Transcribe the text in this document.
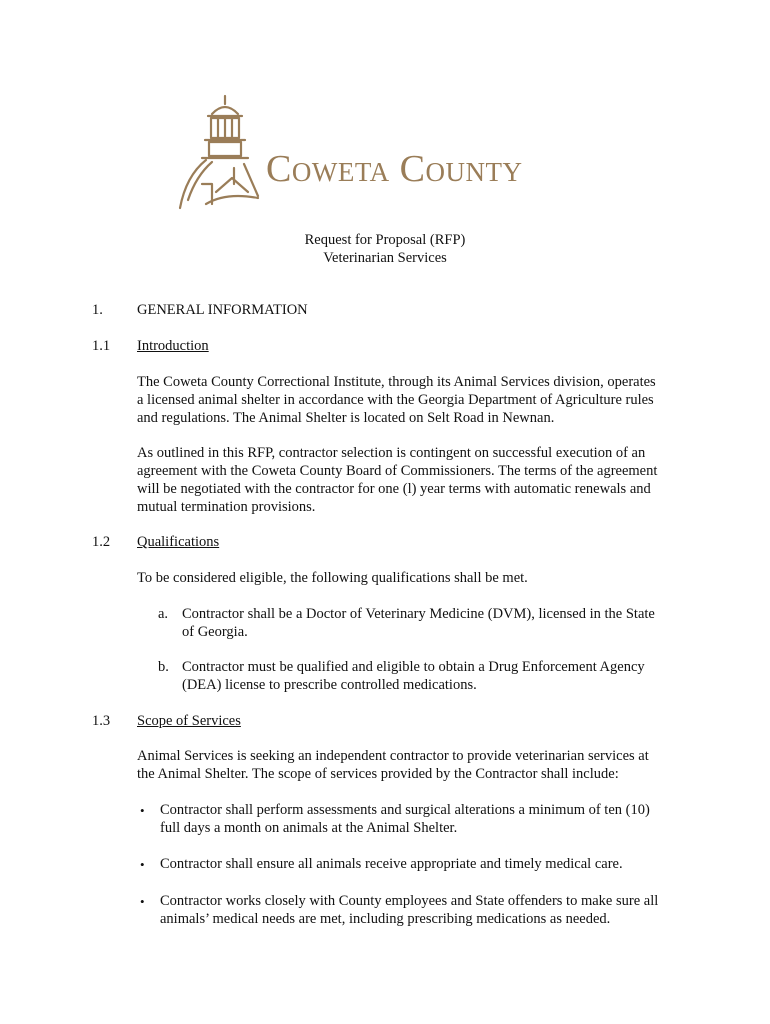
Coweta County
Request for Proposal (RFP)
Veterinarian Services
1. GENERAL INFORMATION
1.1 Introduction
The Coweta County Correctional Institute, through its Animal Services division, operates
a licensed animal shelter in accordance with the Georgia Department of Agriculture rules
and regulations. The Animal Shelter is located on Selt Road in Newnan.
As outlined in this RFP, contractor selection is contingent on successful execution of an
agreement with the Coweta County Board of Commissioners. The terms of the agreement
will be negotiated with the contractor for one (l) year terms with automatic renewals and
mutual termination provisions.
1.2 Qualifications
To be considered eligible, the following qualifications shall be met.
a. Contractor shall be a Doctor of Veterinary Medicine (DVM), licensed in the State
of Georgia.
b. Contractor must be qualified and eligible to obtain a Drug Enforcement Agency
(DEA) license to prescribe controlled medications.
1.3 Scope of Services
Animal Services is seeking an independent contractor to provide veterinarian services at
the Animal Shelter. The scope of services provided by the Contractor shall include:
• Contractor shall perform assessments and surgical alterations a minimum of ten (10)
full days a month on animals at the Animal Shelter.
• Contractor shall ensure all animals receive appropriate and timely medical care.
• Contractor works closely with County employees and State offenders to make sure all
animals’ medical needs are met, including prescribing medications as needed.
